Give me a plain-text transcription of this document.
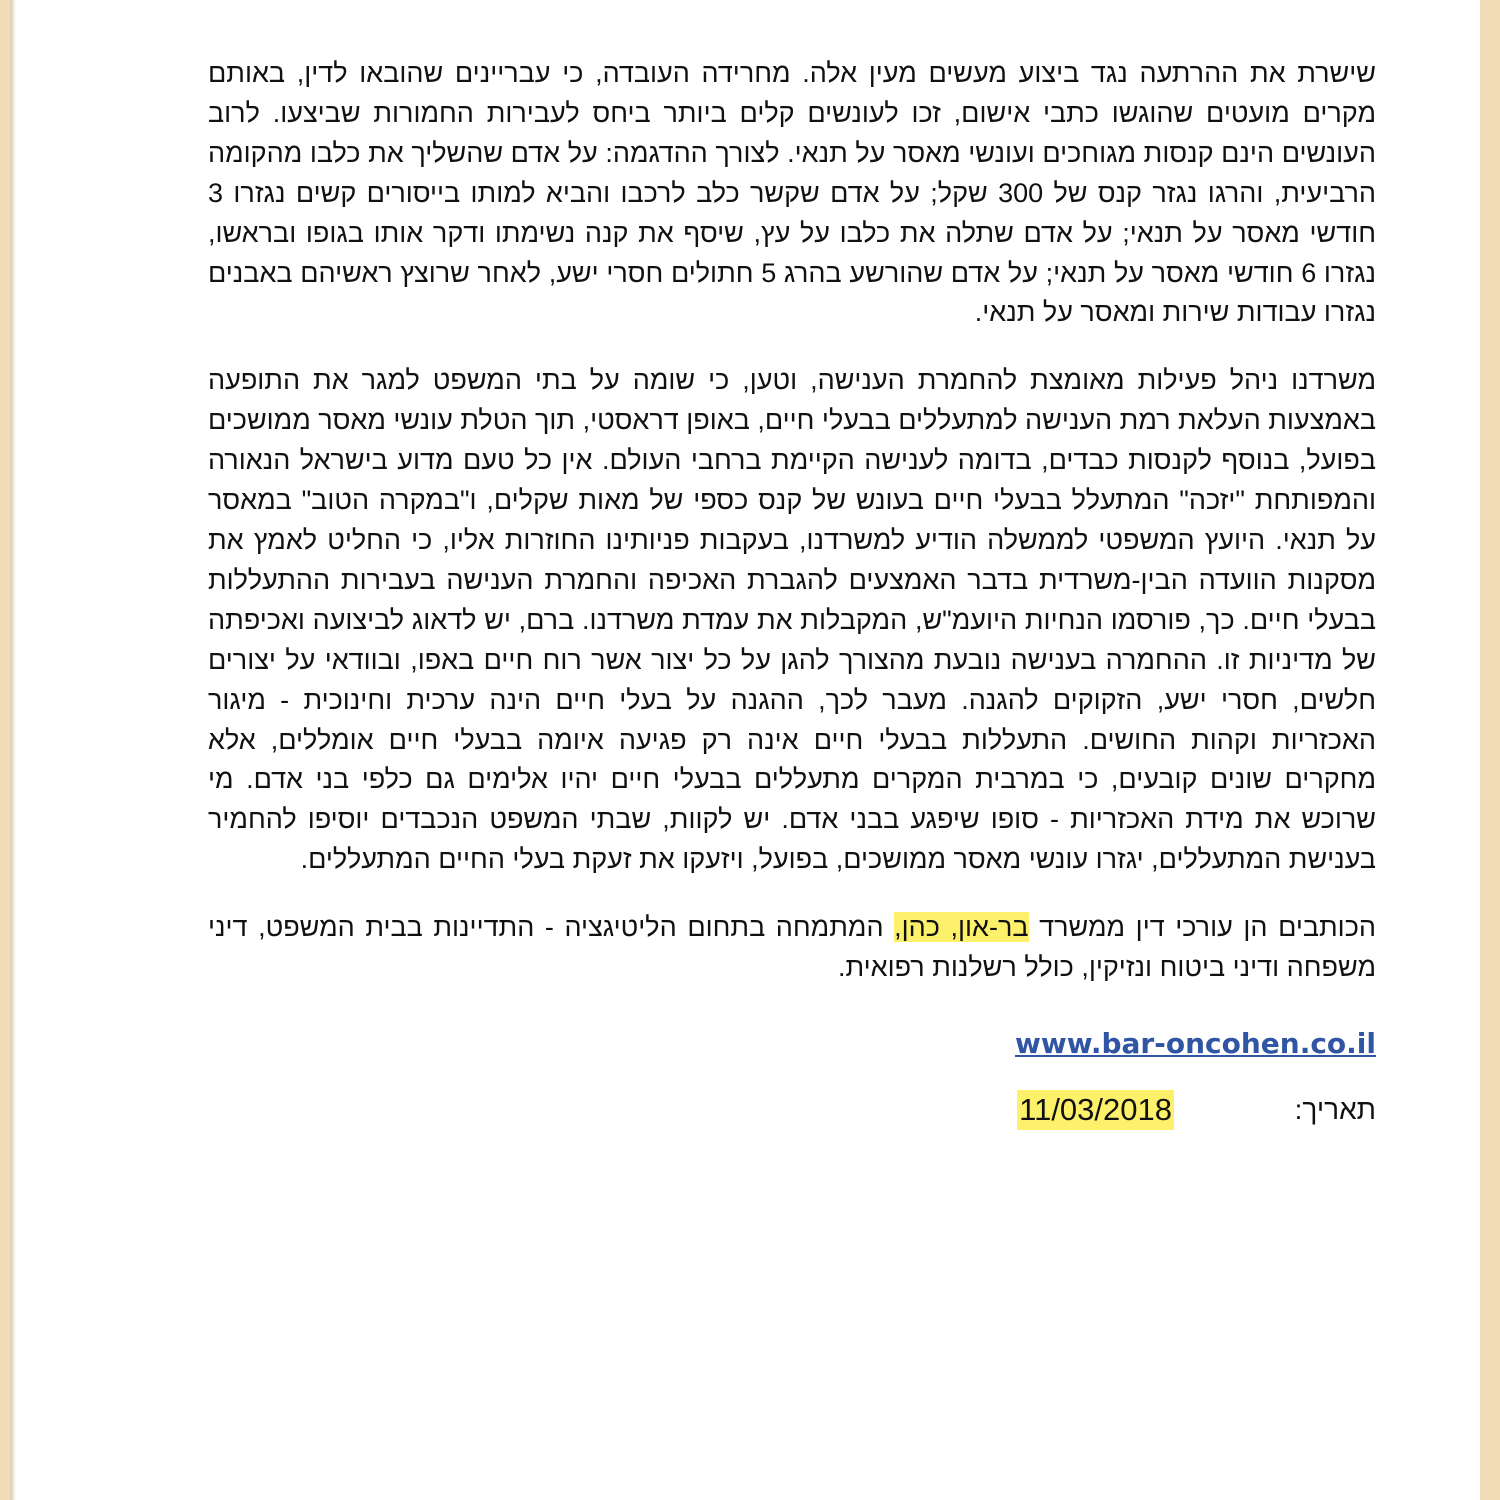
שישרת את ההרתעה נגד ביצוע מעשים מעין אלה. מחרידה העובדה, כי עבריינים שהובאו לדין, באותם מקרים מועטים שהוגשו כתבי אישום, זכו לעונשים קלים ביותר ביחס לעבירות החמורות שביצעו. לרוב העונשים הינם קנסות מגוחכים ועונשי מאסר על תנאי. לצורך ההדגמה: על אדם שהשליך את כלבו מהקומה הרביעית, והרגו נגזר קנס של 300 שקל; על אדם שקשר כלב לרכבו והביא למותו בייסורים קשים נגזרו 3 חודשי מאסר על תנאי; על אדם שתלה את כלבו על עץ, שיסף את קנה נשימתו ודקר אותו בגופו ובראשו, נגזרו 6 חודשי מאסר על תנאי; על אדם שהורשע בהרג 5 חתולים חסרי ישע, לאחר שרוצץ ראשיהם באבנים נגזרו עבודות שירות ומאסר על תנאי.

משרדנו ניהל פעילות מאומצת להחמרת הענישה, וטען, כי שומה על בתי המשפט למגר את התופעה באמצעות העלאת רמת הענישה למתעללים בבעלי חיים, באופן דראסטי, תוך הטלת עונשי מאסר ממושכים בפועל, בנוסף לקנסות כבדים, בדומה לענישה הקיימת ברחבי העולם. אין כל טעם מדוע בישראל הנאורה והמפותחת "יזכה" המתעלל בבעלי חיים בעונש של קנס כספי של מאות שקלים, ו"במקרה הטוב" במאסר על תנאי. היועץ המשפטי לממשלה הודיע למשרדנו, בעקבות פניותינו החוזרות אליו, כי החליט לאמץ את מסקנות הוועדה הבין-משרדית בדבר האמצעים להגברת האכיפה והחמרת הענישה בעבירות ההתעללות בבעלי חיים. כך, פורסמו הנחיות היועמ"ש, המקבלות את עמדת משרדנו. ברם, יש לדאוג לביצועה ואכיפתה של מדיניות זו. ההחמרה בענישה נובעת מהצורך להגן על כל יצור אשר רוח חיים באפו, ובוודאי על יצורים חלשים, חסרי ישע, הזקוקים להגנה. מעבר לכך, ההגנה על בעלי חיים הינה ערכית וחינוכית - מיגור האכזריות וקהות החושים. התעללות בבעלי חיים אינה רק פגיעה איומה בבעלי חיים אומללים, אלא מחקרים שונים קובעים, כי במרבית המקרים מתעללים בבעלי חיים יהיו אלימים גם כלפי בני אדם. מי שרוכש את מידת האכזריות - סופו שיפגע בבני אדם. יש לקוות, שבתי המשפט הנכבדים יוסיפו להחמיר בענישת המתעללים, יגזרו עונשי מאסר ממושכים, בפועל, ויזעקו את זעקת בעלי החיים המתעללים.

הכותבים הן עורכי דין ממשרד בר-און, כהן, המתמחה בתחום הליטיגציה - התדיינות בבית המשפט, דיני משפחה ודיני ביטוח ונזיקין, כולל רשלנות רפואית.

www.bar-oncohen.co.il
תאריך:
11/03/2018
